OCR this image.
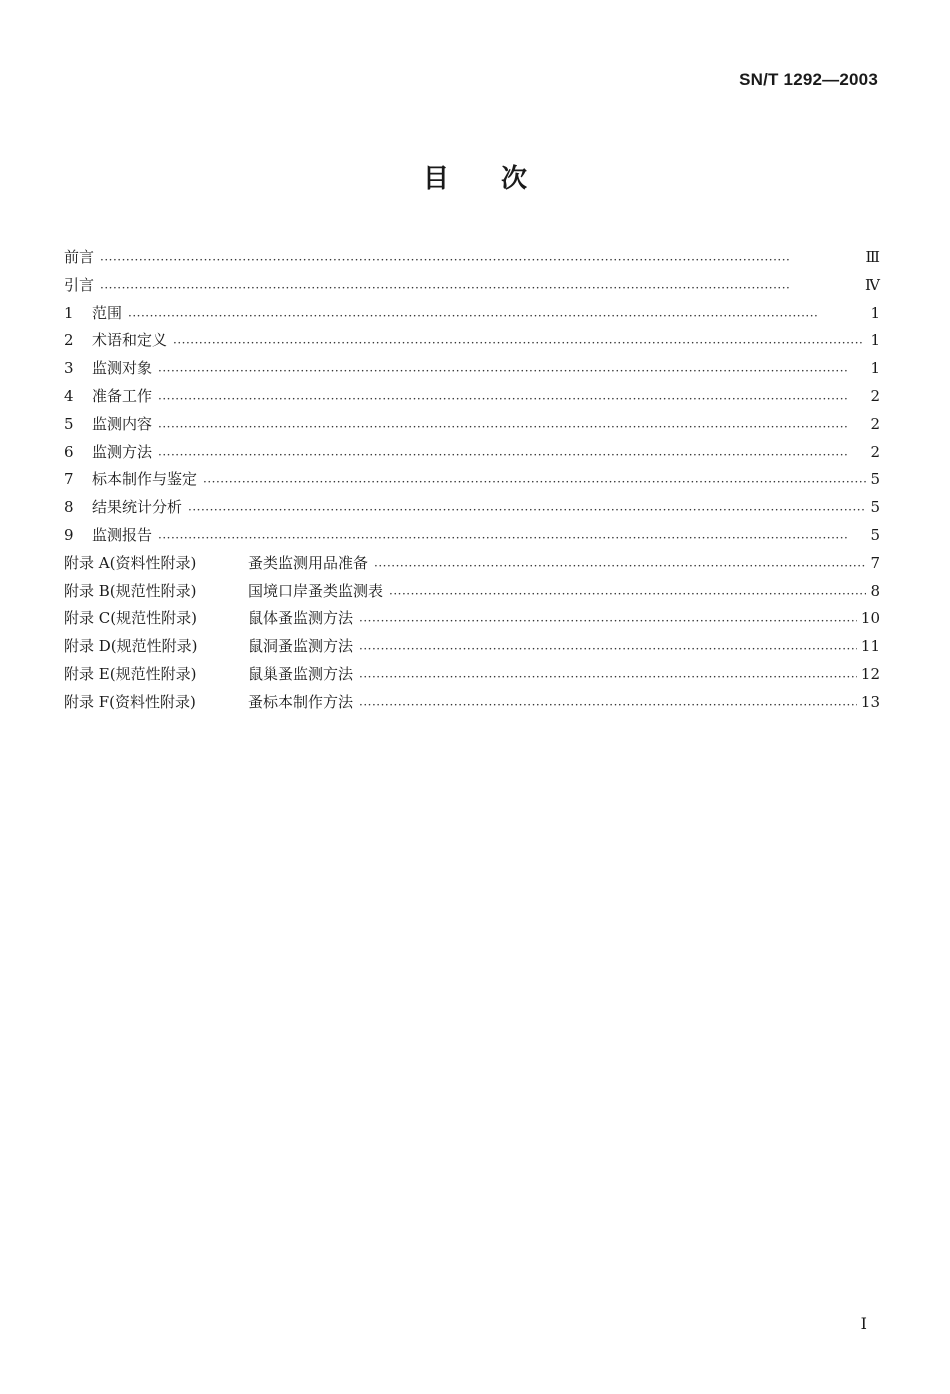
SN/T 1292—2003
目次
前言 ·····	Ⅲ
引言 ·····	Ⅳ
1	范围 ·····	1
2	术语和定义 ·····	1
3	监测对象 ·····	1
4	准备工作 ·····	2
5	监测内容 ·····	2
6	监测方法 ·····	2
7	标本制作与鉴定 ·····	5
8	结果统计分析 ·····	5
9	监测报告 ·····	5
附录 A(资料性附录)	蚤类监测用品准备 ·····	7
附录 B(规范性附录)	国境口岸蚤类监测表 ·····	8
附录 C(规范性附录)	鼠体蚤监测方法 ·····	10
附录 D(规范性附录)	鼠洞蚤监测方法 ·····	11
附录 E(规范性附录)	鼠巢蚤监测方法 ·····	12
附录 F(资料性附录)	蚤标本制作方法 ·····	13
I
